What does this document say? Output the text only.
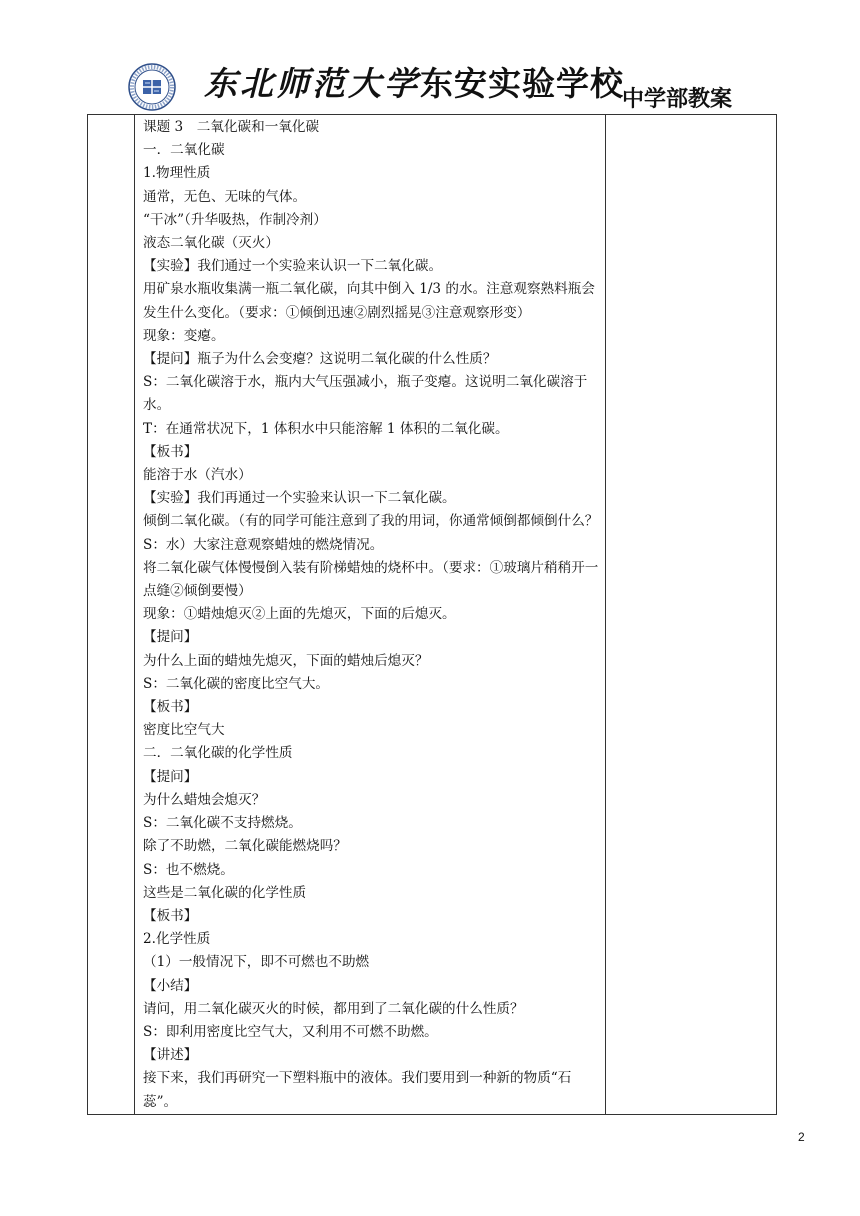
东北师范大学东安实验学校
中学部教案

课题 3　二氧化碳和一氧化碳

一．二氧化碳

1.物理性质

通常，无色、无味的气体。

“干冰”（升华吸热，作制冷剂）

液态二氧化碳（灭火）

【实验】我们通过一个实验来认识一下二氧化碳。

用矿泉水瓶收集满一瓶二氧化碳，向其中倒入 1/3 的水。注意观察熟料瓶会发生什么变化。（要求：①倾倒迅速②剧烈摇晃③注意观察形变）

现象：变瘪。

【提问】瓶子为什么会变瘪？这说明二氧化碳的什么性质？

S：二氧化碳溶于水，瓶内大气压强减小，瓶子变瘪。这说明二氧化碳溶于水。

T：在通常状况下，1 体积水中只能溶解 1 体积的二氧化碳。

【板书】

能溶于水（汽水）

【实验】我们再通过一个实验来认识一下二氧化碳。

倾倒二氧化碳。（有的同学可能注意到了我的用词，你通常倾倒都倾倒什么？S：水）大家注意观察蜡烛的燃烧情况。

将二氧化碳气体慢慢倒入装有阶梯蜡烛的烧杯中。（要求：①玻璃片稍稍开一点缝②倾倒要慢）

现象：①蜡烛熄灭②上面的先熄灭，下面的后熄灭。

【提问】

为什么上面的蜡烛先熄灭，下面的蜡烛后熄灭？

S：二氧化碳的密度比空气大。

【板书】

密度比空气大

二．二氧化碳的化学性质

【提问】

为什么蜡烛会熄灭？

S：二氧化碳不支持燃烧。

除了不助燃，二氧化碳能燃烧吗？

S：也不燃烧。

这些是二氧化碳的化学性质

【板书】

2.化学性质

（1）一般情况下，即不可燃也不助燃

【小结】

请问，用二氧化碳灭火的时候，都用到了二氧化碳的什么性质？

S：即利用密度比空气大，又利用不可燃不助燃。

【讲述】

接下来，我们再研究一下塑料瓶中的液体。我们要用到一种新的物质“石蕊”。

2
